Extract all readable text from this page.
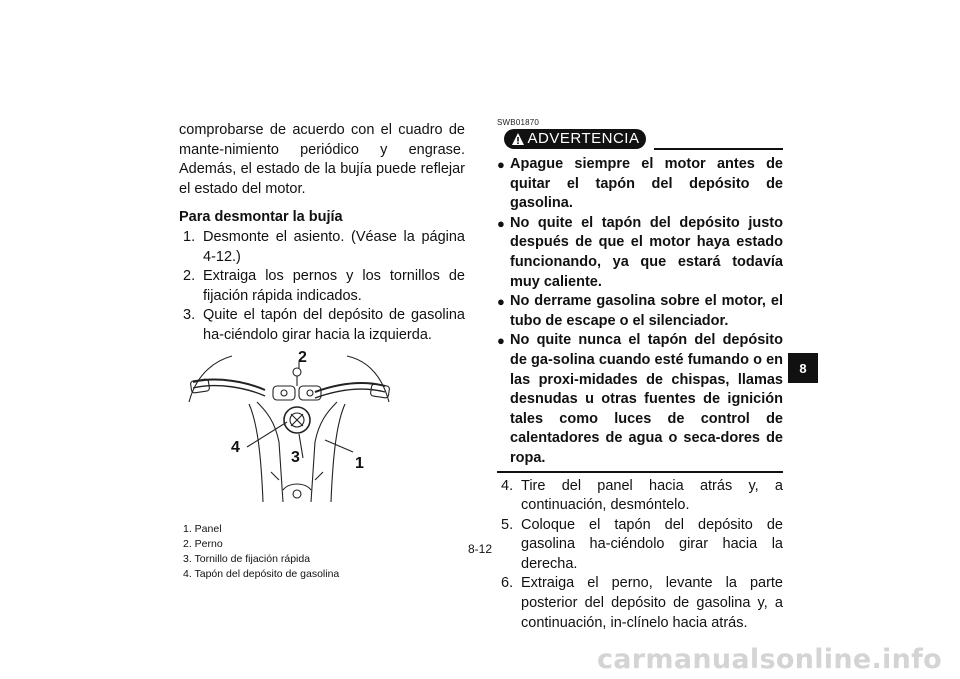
comprobarse de acuerdo con el cuadro de mante-nimiento periódico y engrase. Además, el estado de la bujía puede reflejar el estado del motor.

Para desmontar la bujía

1. Desmonte el asiento. (Véase la página 4-12.)
2. Extraiga los pernos y los tornillos de fijación rápida indicados.
3. Quite el tapón del depósito de gasolina ha-ciéndolo girar hacia la izquierda.
2
4
3	1
1. Panel
2. Perno
3. Tornillo de fijación rápida
4. Tapón del depósito de gasolina
SWB01870
ADVERTENCIA
● Apague siempre el motor antes de quitar el tapón del depósito de gasolina.
● No quite el tapón del depósito justo después de que el motor haya estado funcionando, ya que estará todavía muy caliente.
● No derrame gasolina sobre el motor, el tubo de escape o el silenciador.
● No quite nunca el tapón del depósito de ga-solina cuando esté fumando o en las proxi-midades de chispas, llamas desnudas u otras fuentes de ignición tales como luces de control de calentadores de agua o seca-dores de ropa.
4. Tire del panel hacia atrás y, a continuación, desmóntelo.
5. Coloque el tapón del depósito de gasolina ha-ciéndolo girar hacia la derecha.
6. Extraiga el perno, levante la parte posterior del depósito de gasolina y, a continuación, in-clínelo hacia atrás.
8
8-12
carmanualsonline.info
